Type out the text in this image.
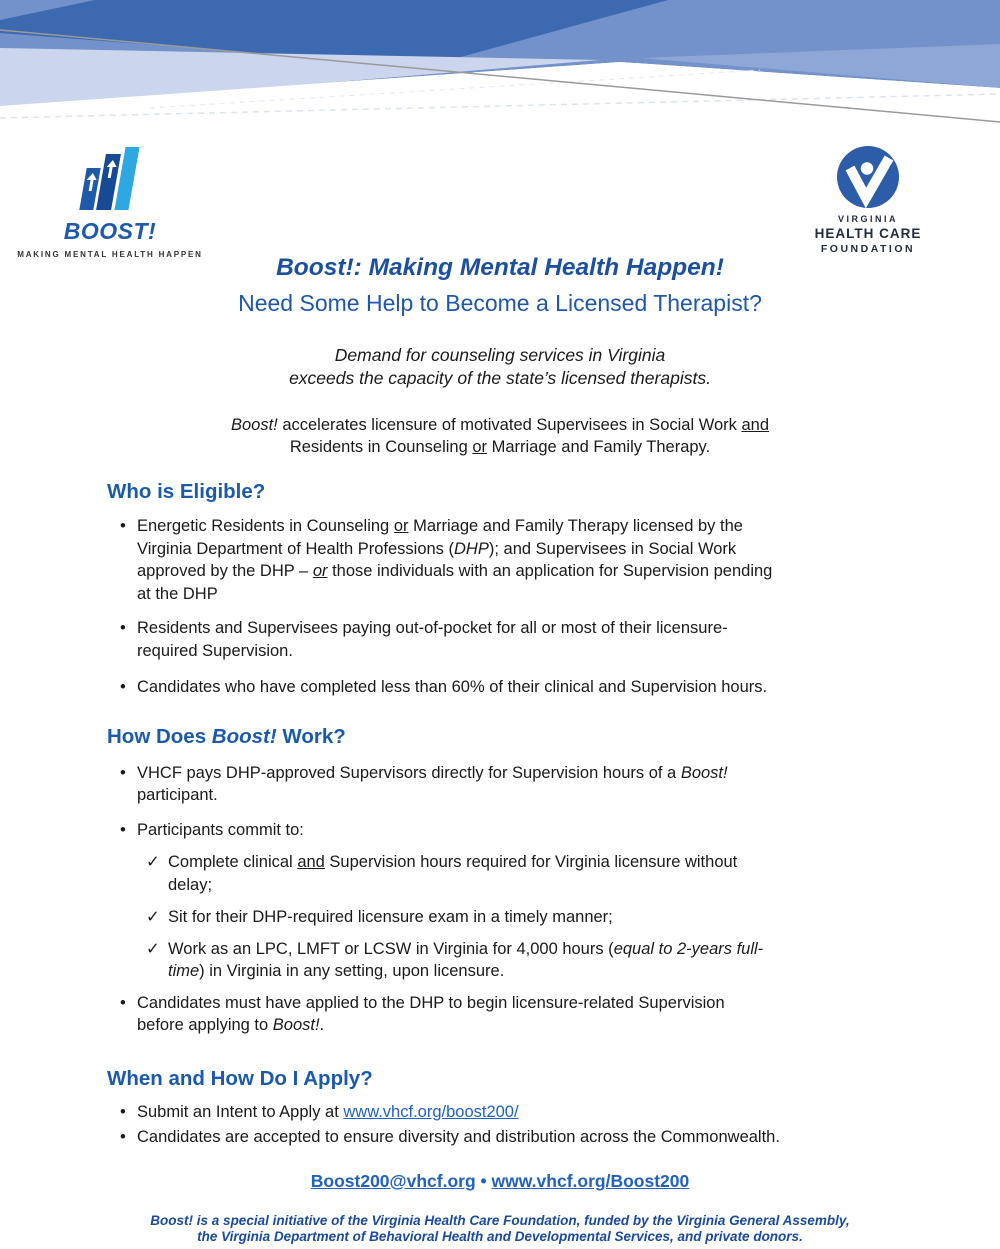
BOOST!
MAKING MENTAL HEALTH HAPPEN
VIRGINIA
HEALTH CARE
FOUNDATION
Boost!: Making Mental Health Happen!
Need Some Help to Become a Licensed Therapist?
Demand for counseling services in Virginia
exceeds the capacity of the state’s licensed therapists.
Boost! accelerates licensure of motivated Supervisees in Social Work and
Residents in Counseling or Marriage and Family Therapy.
Who is Eligible?
• Energetic Residents in Counseling or Marriage and Family Therapy licensed by the
Virginia Department of Health Professions (DHP); and Supervisees in Social Work
approved by the DHP – or those individuals with an application for Supervision pending
at the DHP
• Residents and Supervisees paying out-of-pocket for all or most of their licensure-
required Supervision.
• Candidates who have completed less than 60% of their clinical and Supervision hours.
How Does Boost! Work?
• VHCF pays DHP-approved Supervisors directly for Supervision hours of a Boost!
participant.
• Participants commit to:
✓ Complete clinical and Supervision hours required for Virginia licensure without
delay;
✓ Sit for their DHP-required licensure exam in a timely manner;
✓ Work as an LPC, LMFT or LCSW in Virginia for 4,000 hours (equal to 2-years full-
time) in Virginia in any setting, upon licensure.
• Candidates must have applied to the DHP to begin licensure-related Supervision
before applying to Boost!.
When and How Do I Apply?
• Submit an Intent to Apply at www.vhcf.org/boost200/
• Candidates are accepted to ensure diversity and distribution across the Commonwealth.
Boost200@vhcf.org • www.vhcf.org/Boost200
Boost! is a special initiative of the Virginia Health Care Foundation, funded by the Virginia General Assembly,
the Virginia Department of Behavioral Health and Developmental Services, and private donors.
